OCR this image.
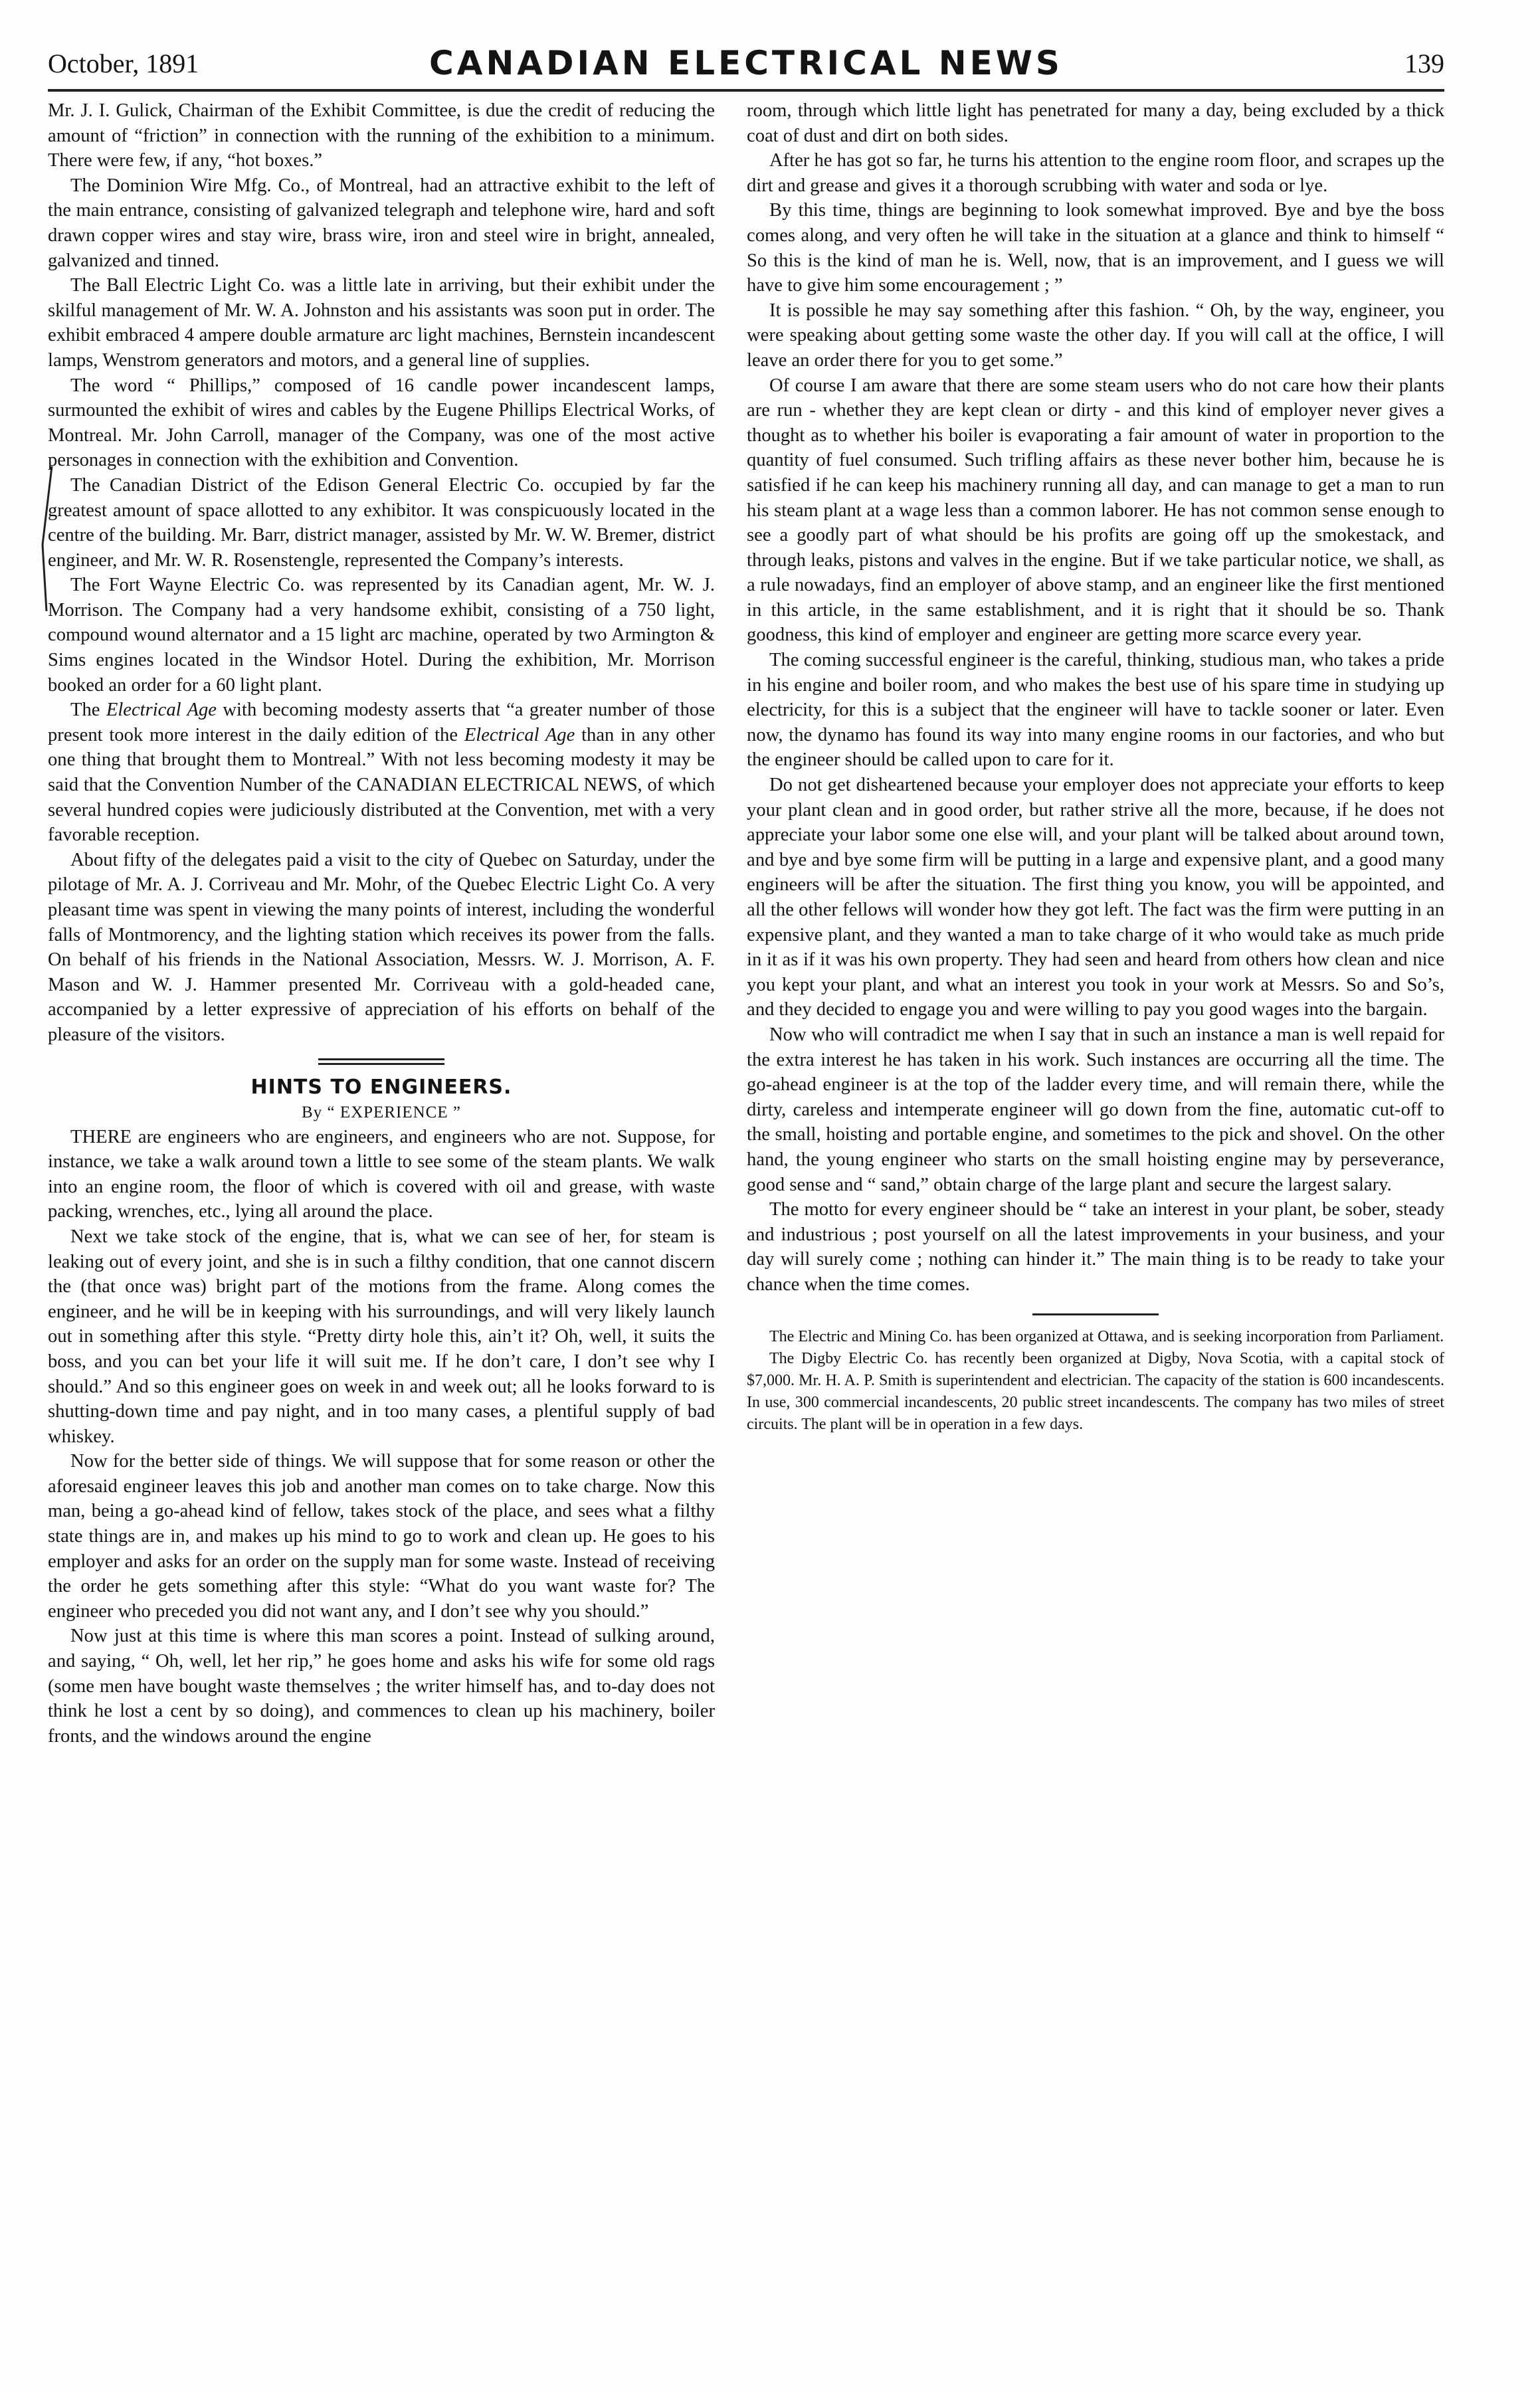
October, 1891	CANADIAN ELECTRICAL NEWS	139

Mr. J. I. Gulick, Chairman of the Exhibit Committee, is due the credit of reducing the amount of “friction” in connection with the running of the exhibition to a minimum. There were few, if any, “hot boxes.”

The Dominion Wire Mfg. Co., of Montreal, had an attractive exhibit to the left of the main entrance, consisting of galvanized telegraph and telephone wire, hard and soft drawn copper wires and stay wire, brass wire, iron and steel wire in bright, annealed, galvanized and tinned.

The Ball Electric Light Co. was a little late in arriving, but their exhibit under the skilful management of Mr. W. A. Johnston and his assistants was soon put in order. The exhibit embraced 4 ampere double armature arc light machines, Bernstein incandescent lamps, Wenstrom generators and motors, and a general line of supplies.

The word “ Phillips,” composed of 16 candle power incandescent lamps, surmounted the exhibit of wires and cables by the Eugene Phillips Electrical Works, of Montreal. Mr. John Carroll, manager of the Company, was one of the most active personages in connection with the exhibition and Convention.

The Canadian District of the Edison General Electric Co. occupied by far the greatest amount of space allotted to any exhibitor. It was conspicuously located in the centre of the building. Mr. Barr, district manager, assisted by Mr. W. W. Bremer, district engineer, and Mr. W. R. Rosenstengle, represented the Company’s interests.

The Fort Wayne Electric Co. was represented by its Canadian agent, Mr. W. J. Morrison. The Company had a very handsome exhibit, consisting of a 750 light, compound wound alternator and a 15 light arc machine, operated by two Armington & Sims engines located in the Windsor Hotel. During the exhibition, Mr. Morrison booked an order for a 60 light plant.

The Electrical Age with becoming modesty asserts that “a greater number of those present took more interest in the daily edition of the Electrical Age than in any other one thing that brought them to Montreal.” With not less becoming modesty it may be said that the Convention Number of the CANADIAN ELECTRICAL NEWS, of which several hundred copies were judiciously distributed at the Convention, met with a very favorable reception.

About fifty of the delegates paid a visit to the city of Quebec on Saturday, under the pilotage of Mr. A. J. Corriveau and Mr. Mohr, of the Quebec Electric Light Co. A very pleasant time was spent in viewing the many points of interest, including the wonderful falls of Montmorency, and the lighting station which receives its power from the falls. On behalf of his friends in the National Association, Messrs. W. J. Morrison, A. F. Mason and W. J. Hammer presented Mr. Corriveau with a gold-headed cane, accompanied by a letter expressive of appreciation of his efforts on behalf of the pleasure of the visitors.

HINTS TO ENGINEERS.
By “ EXPERIENCE ”

THERE are engineers who are engineers, and engineers who are not. Suppose, for instance, we take a walk around town a little to see some of the steam plants. We walk into an engine room, the floor of which is covered with oil and grease, with waste packing, wrenches, etc., lying all around the place.

Next we take stock of the engine, that is, what we can see of her, for steam is leaking out of every joint, and she is in such a filthy condition, that one cannot discern the (that once was) bright part of the motions from the frame. Along comes the engineer, and he will be in keeping with his surroundings, and will very likely launch out in something after this style. “Pretty dirty hole this, ain’t it? Oh, well, it suits the boss, and you can bet your life it will suit me. If he don’t care, I don’t see why I should.” And so this engineer goes on week in and week out; all he looks forward to is shutting-down time and pay night, and in too many cases, a plentiful supply of bad whiskey.

Now for the better side of things. We will suppose that for some reason or other the aforesaid engineer leaves this job and another man comes on to take charge. Now this man, being a go-ahead kind of fellow, takes stock of the place, and sees what a filthy state things are in, and makes up his mind to go to work and clean up. He goes to his employer and asks for an order on the supply man for some waste. Instead of receiving the order he gets something after this style: “What do you want waste for? The engineer who preceded you did not want any, and I don’t see why you should.”

Now just at this time is where this man scores a point. Instead of sulking around, and saying, “ Oh, well, let her rip,” he goes home and asks his wife for some old rags (some men have bought waste themselves ; the writer himself has, and to-day does not think he lost a cent by so doing), and commences to clean up his machinery, boiler fronts, and the windows around the engine

room, through which little light has penetrated for many a day, being excluded by a thick coat of dust and dirt on both sides.

After he has got so far, he turns his attention to the engine room floor, and scrapes up the dirt and grease and gives it a thorough scrubbing with water and soda or lye.

By this time, things are beginning to look somewhat improved. Bye and bye the boss comes along, and very often he will take in the situation at a glance and think to himself “ So this is the kind of man he is. Well, now, that is an improvement, and I guess we will have to give him some encouragement ; ”

It is possible he may say something after this fashion. “ Oh, by the way, engineer, you were speaking about getting some waste the other day. If you will call at the office, I will leave an order there for you to get some.”

Of course I am aware that there are some steam users who do not care how their plants are run - whether they are kept clean or dirty - and this kind of employer never gives a thought as to whether his boiler is evaporating a fair amount of water in proportion to the quantity of fuel consumed. Such trifling affairs as these never bother him, because he is satisfied if he can keep his machinery running all day, and can manage to get a man to run his steam plant at a wage less than a common laborer. He has not common sense enough to see a goodly part of what should be his profits are going off up the smokestack, and through leaks, pistons and valves in the engine. But if we take particular notice, we shall, as a rule nowadays, find an employer of above stamp, and an engineer like the first mentioned in this article, in the same establishment, and it is right that it should be so. Thank goodness, this kind of employer and engineer are getting more scarce every year.

The coming successful engineer is the careful, thinking, studious man, who takes a pride in his engine and boiler room, and who makes the best use of his spare time in studying up electricity, for this is a subject that the engineer will have to tackle sooner or later. Even now, the dynamo has found its way into many engine rooms in our factories, and who but the engineer should be called upon to care for it.

Do not get disheartened because your employer does not appreciate your efforts to keep your plant clean and in good order, but rather strive all the more, because, if he does not appreciate your labor some one else will, and your plant will be talked about around town, and bye and bye some firm will be putting in a large and expensive plant, and a good many engineers will be after the situation. The first thing you know, you will be appointed, and all the other fellows will wonder how they got left. The fact was the firm were putting in an expensive plant, and they wanted a man to take charge of it who would take as much pride in it as if it was his own property. They had seen and heard from others how clean and nice you kept your plant, and what an interest you took in your work at Messrs. So and So’s, and they decided to engage you and were willing to pay you good wages into the bargain.

Now who will contradict me when I say that in such an instance a man is well repaid for the extra interest he has taken in his work. Such instances are occurring all the time. The go-ahead engineer is at the top of the ladder every time, and will remain there, while the dirty, careless and intemperate engineer will go down from the fine, automatic cut-off to the small, hoisting and portable engine, and sometimes to the pick and shovel. On the other hand, the young engineer who starts on the small hoisting engine may by perseverance, good sense and “ sand,” obtain charge of the large plant and secure the largest salary.

The motto for every engineer should be “ take an interest in your plant, be sober, steady and industrious ; post yourself on all the latest improvements in your business, and your day will surely come ; nothing can hinder it.” The main thing is to be ready to take your chance when the time comes.

The Electric and Mining Co. has been organized at Ottawa, and is seeking incorporation from Parliament.

The Digby Electric Co. has recently been organized at Digby, Nova Scotia, with a capital stock of $7,000. Mr. H. A. P. Smith is superintendent and electrician. The capacity of the station is 600 incandescents. In use, 300 commercial incandescents, 20 public street incandescents. The company has two miles of street circuits. The plant will be in operation in a few days.
